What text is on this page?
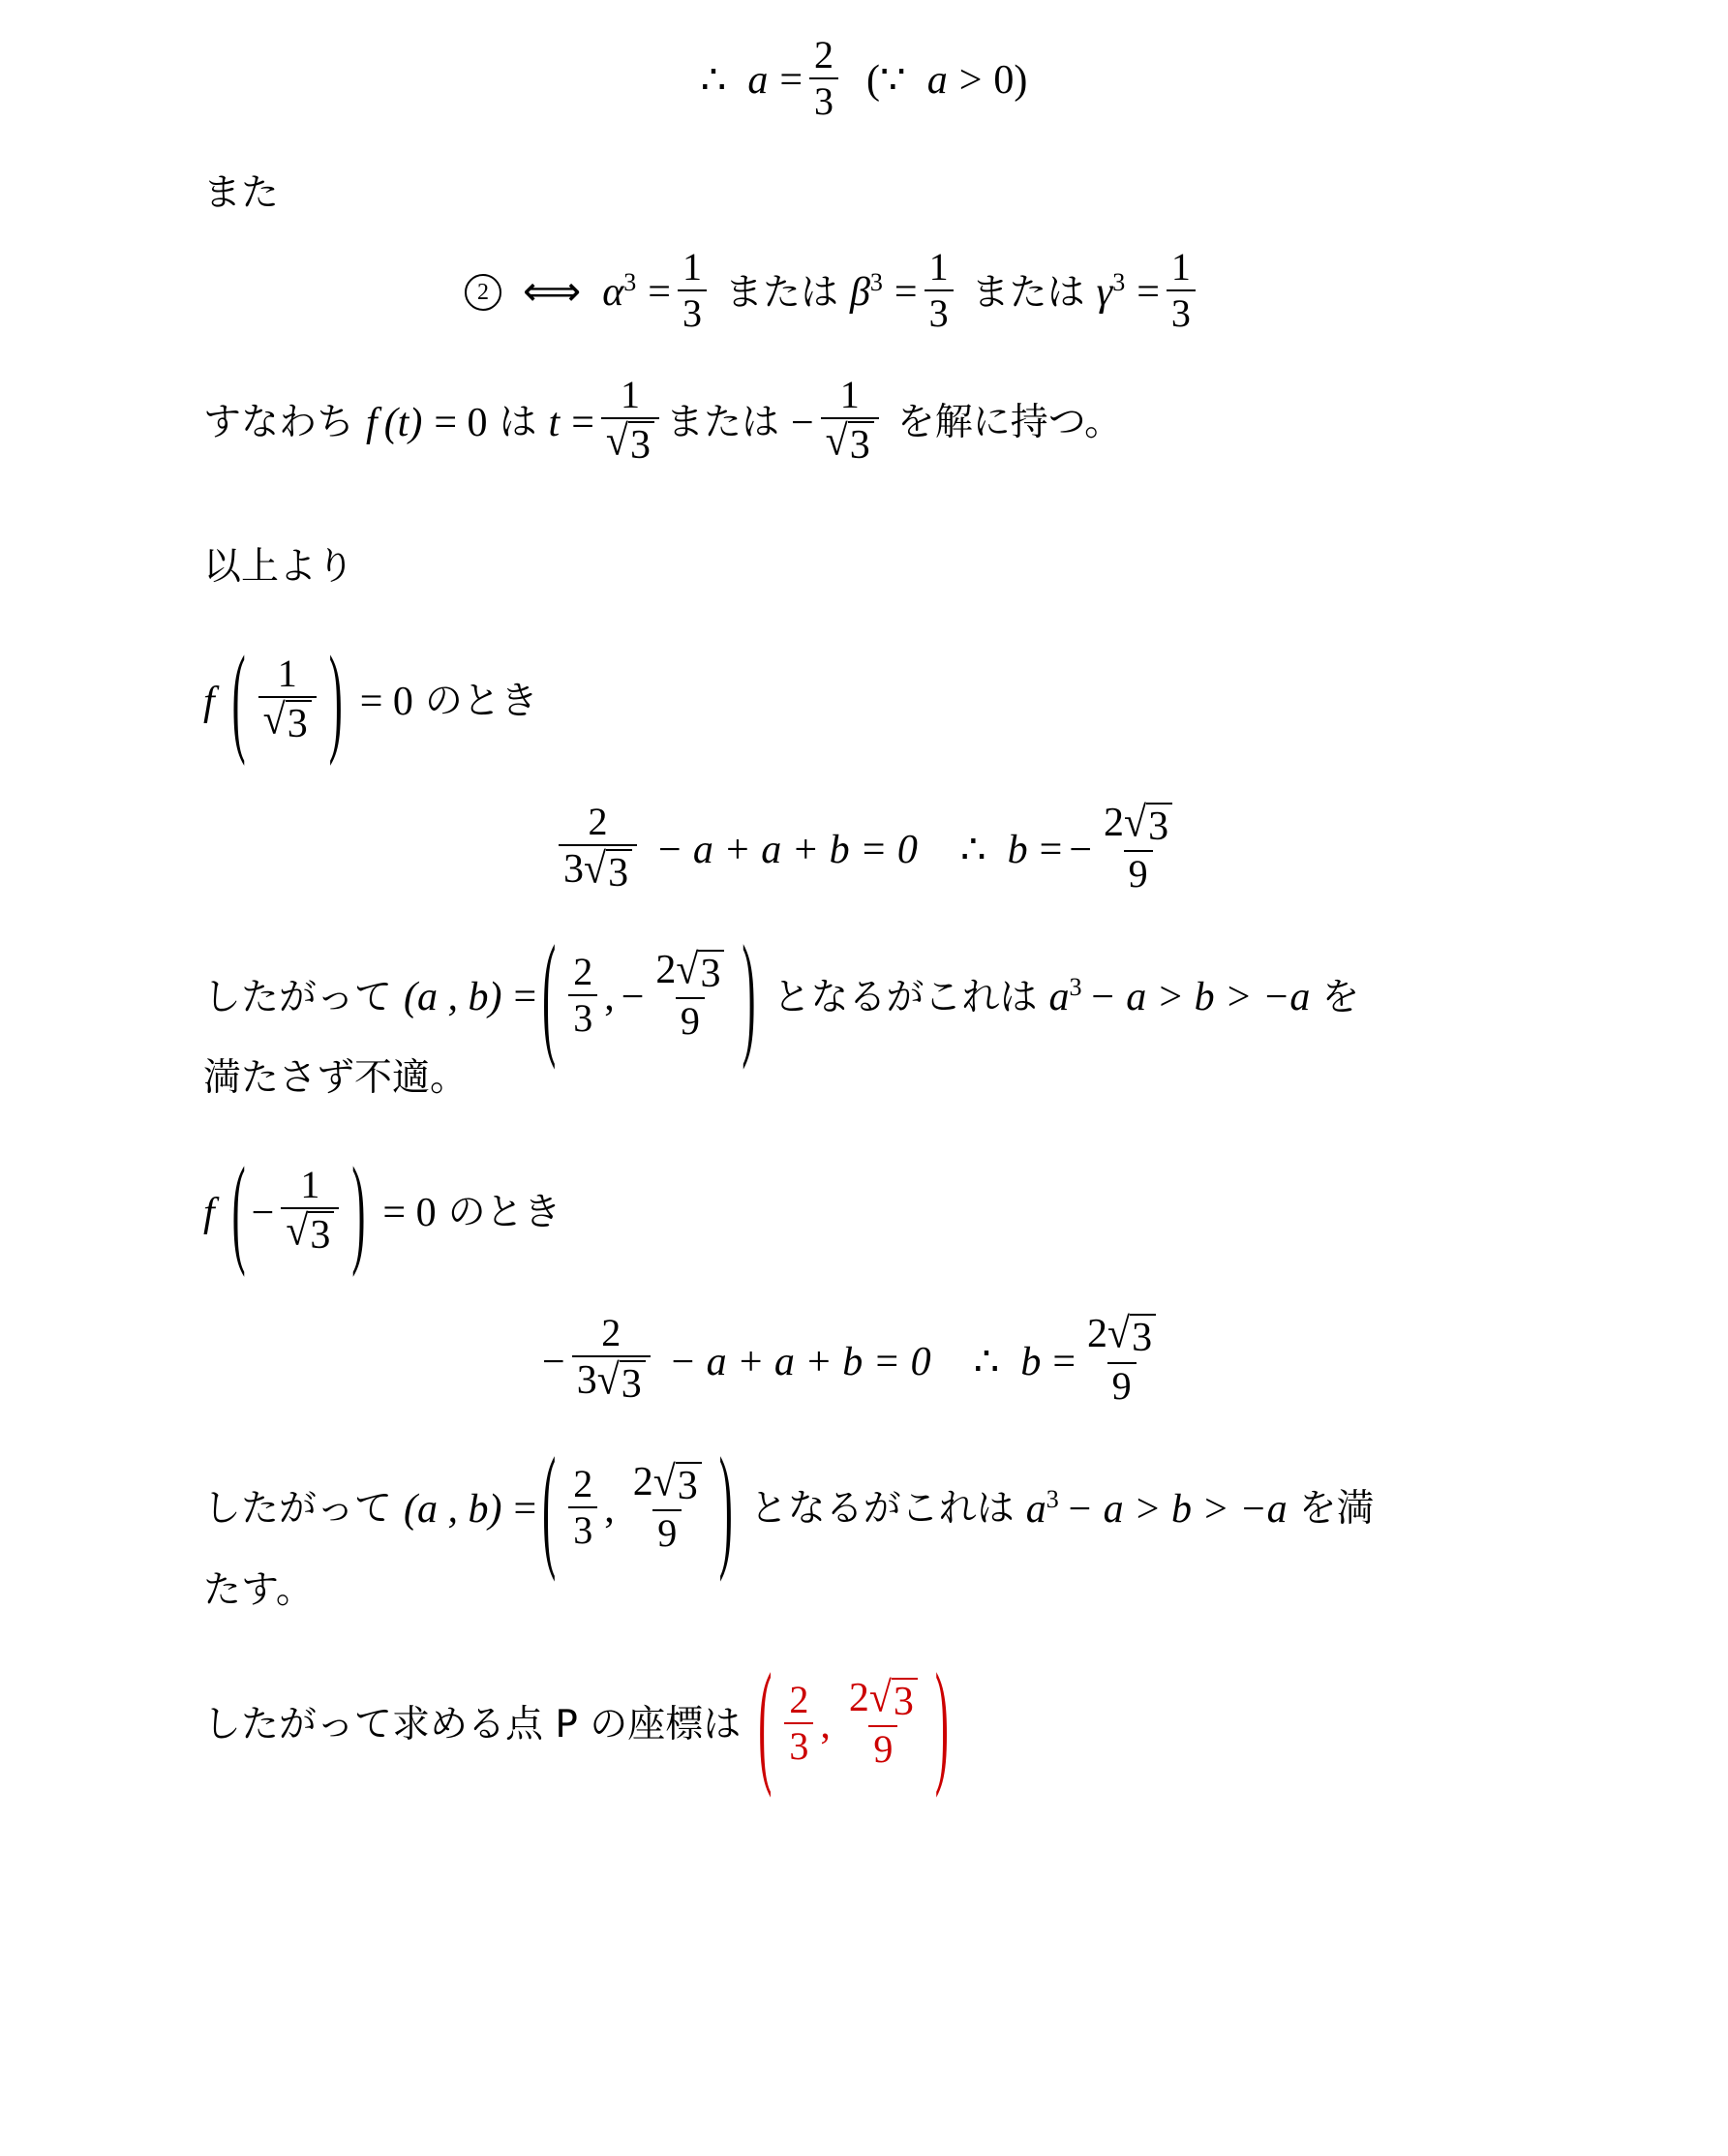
∴ $a = \frac{2}{3}$ (∵ a > 0)
また
2 ⟺ $\alpha^3 = \frac{1}{3}$ または $\beta^3 = \frac{1}{3}$ または $\gamma^3 = \frac{1}{3}$
すなわち f (t) = 0 は $t = \frac{1}{√ 3}$ または − $\frac{1}{√ 3}$ を解に持つ。
以上より
f ( $\frac{1}{√ 3}$ ) = 0 のとき
$\frac{2}{3 √ 3} - a + a + b = 0$ ∴ b = − $\frac{2 √ 3}{9}$
したがって (a , b) = ( $\frac{2}{3}$ , − $\frac{2 √ 3}{9}$ ) となるがこれは $a^3 - a > b > -a$ を
満たさず不適。
f ( − $\frac{1}{√ 3}$ ) = 0 のとき
− $\frac{2}{3 √ 3} - a + a + b = 0$ ∴ $b = \frac{2 √ 3}{9}$
したがって (a , b) = ( $\frac{2}{3}$ , $\frac{2 √ 3}{9}$ ) となるがこれは $a^3 - a > b > -a$ を満
たす。
したがって求める点 P の座標は ( $\frac{2}{3}$ , $\frac{2 √ 3}{9}$ )
